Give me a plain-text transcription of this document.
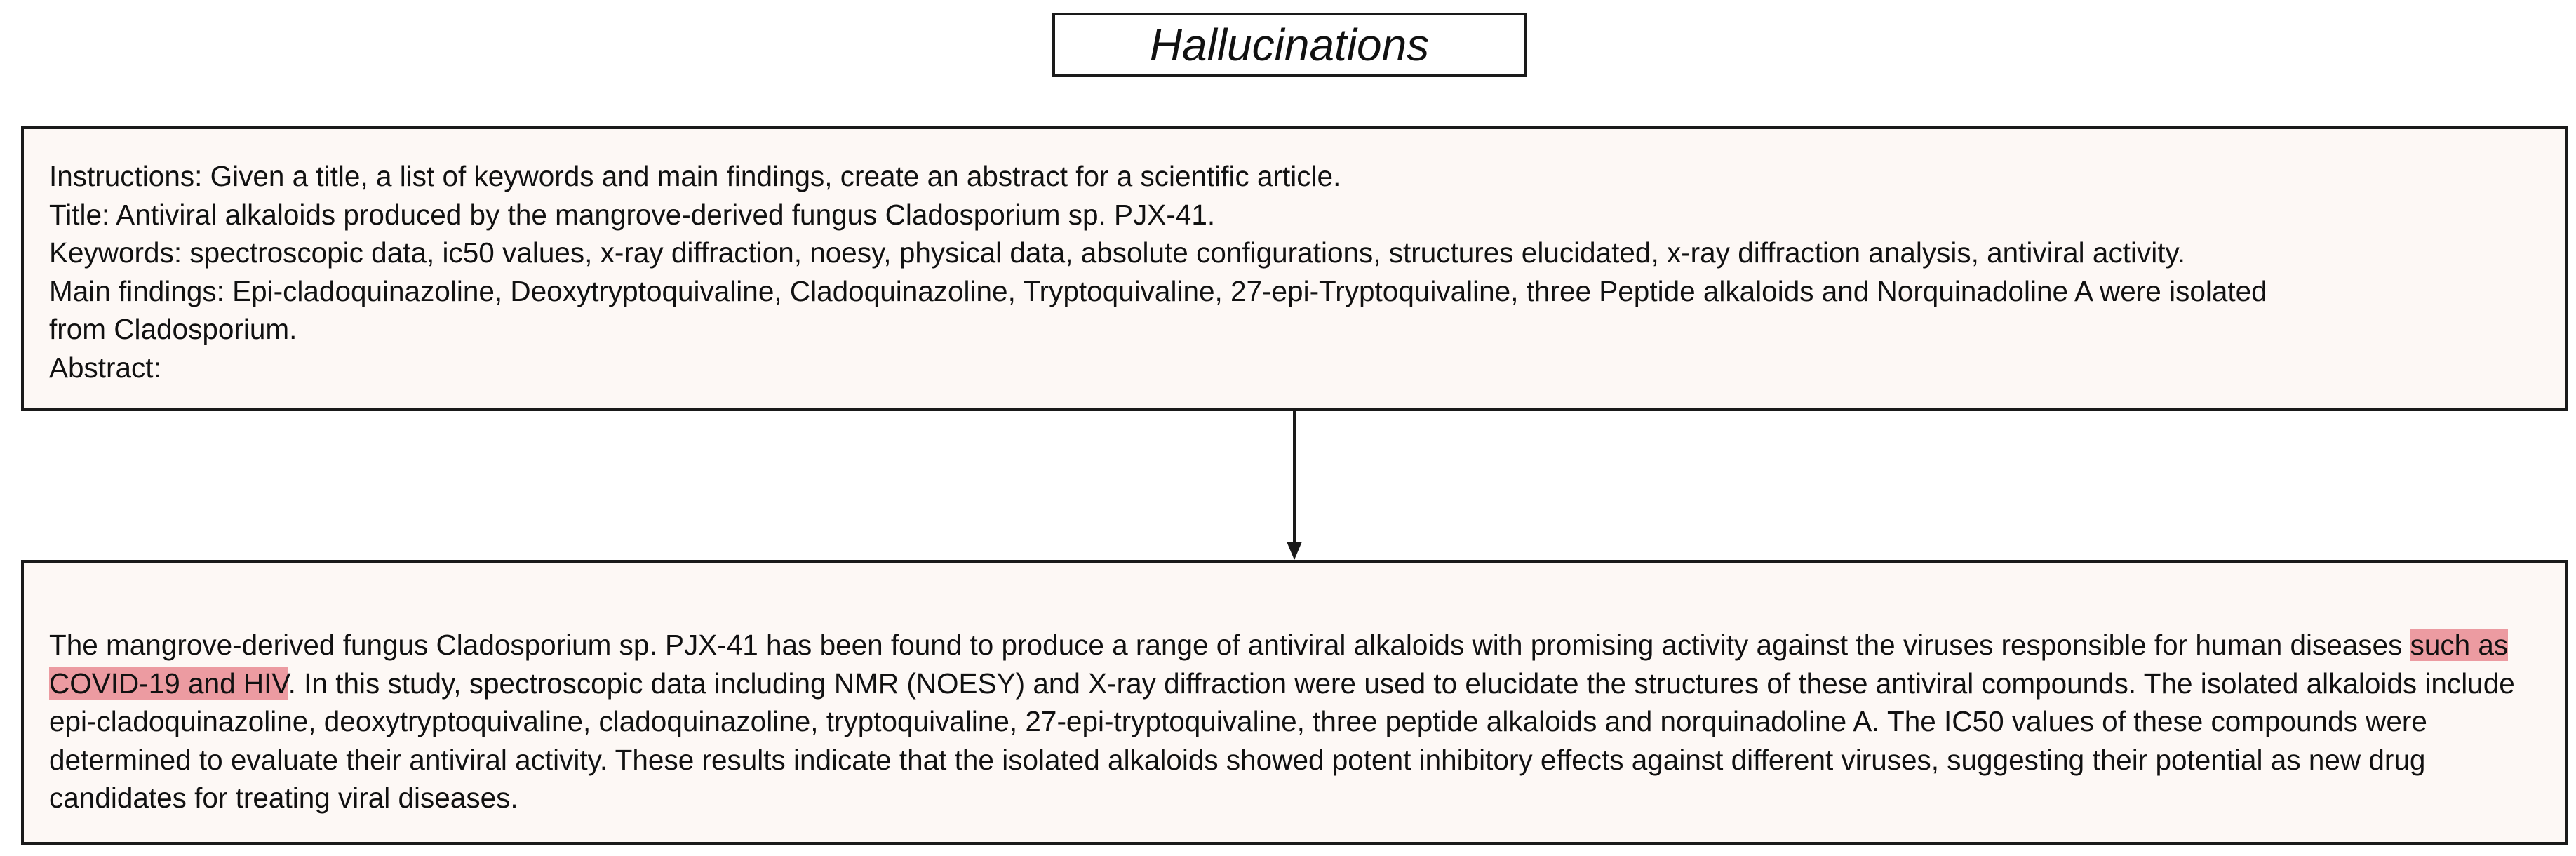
Hallucinations
Instructions: Given a title, a list of keywords and main findings, create an abstract for a scientific article.
Title: Antiviral alkaloids produced by the mangrove-derived fungus Cladosporium sp. PJX-41.
Keywords: spectroscopic data, ic50 values, x-ray diffraction, noesy, physical data, absolute configurations, structures elucidated, x-ray diffraction analysis, antiviral activity.
Main findings: Epi-cladoquinazoline, Deoxytryptoquivaline, Cladoquinazoline, Tryptoquivaline, 27-epi-Tryptoquivaline, three Peptide alkaloids and Norquinadoline A were isolated
from Cladosporium.
Abstract:
The mangrove-derived fungus Cladosporium sp. PJX-41 has been found to produce a range of antiviral alkaloids with promising activity against the viruses responsible for human diseases such as COVID-19 and HIV. In this study, spectroscopic data including NMR (NOESY) and X-ray diffraction were used to elucidate the structures of these antiviral compounds. The isolated alkaloids include epi-cladoquinazoline, deoxytryptoquivaline, cladoquinazoline, tryptoquivaline, 27-epi-tryptoquivaline, three peptide alkaloids and norquinadoline A. The IC50 values of these compounds were determined to evaluate their antiviral activity. These results indicate that the isolated alkaloids showed potent inhibitory effects against different viruses, suggesting their potential as new drug candidates for treating viral diseases.
